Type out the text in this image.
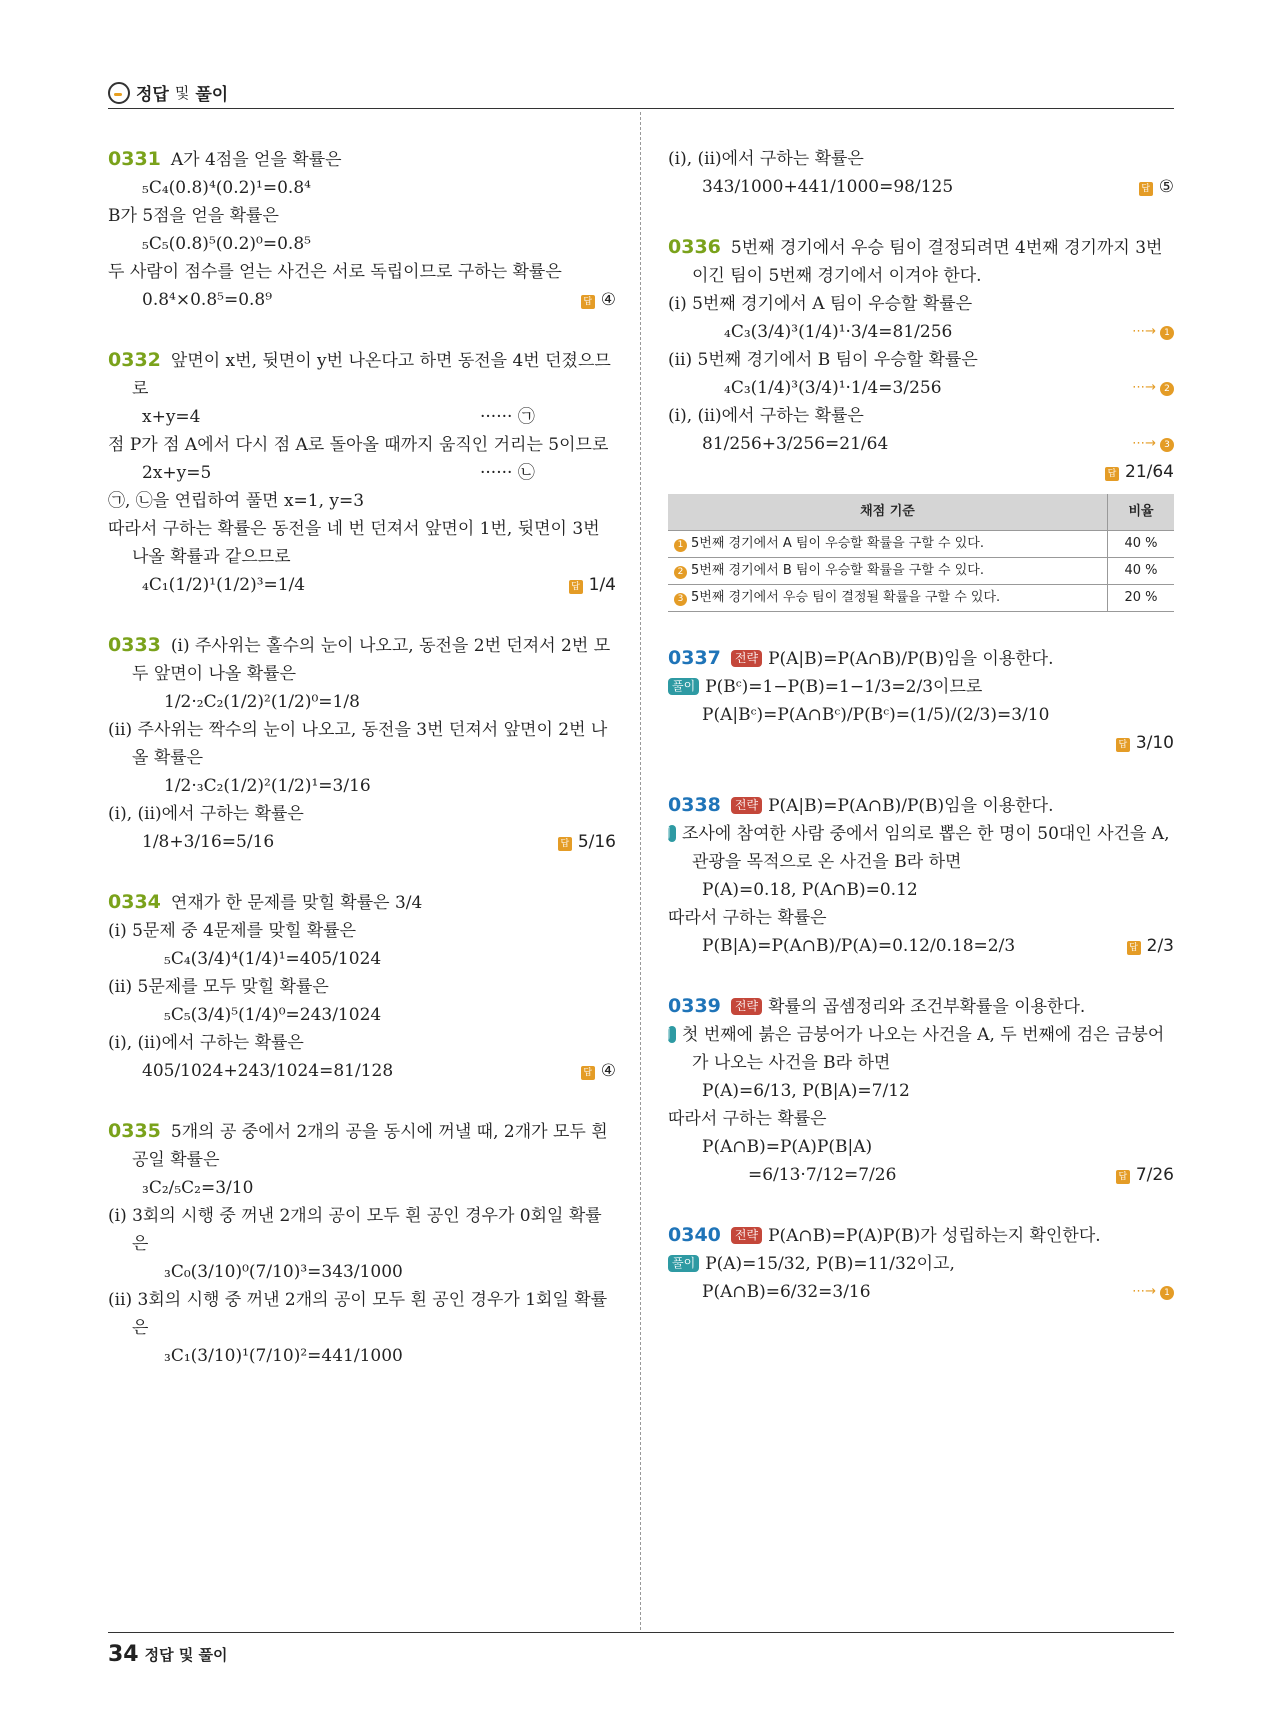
정답 및 풀이
0331 A가 4점을 얻을 확률은
₅C₄(0.8)⁴(0.2)¹=0.8⁴
B가 5점을 얻을 확률은
₅C₅(0.8)⁵(0.2)⁰=0.8⁵
두 사람이 점수를 얻는 사건은 서로 독립이므로 구하는 확률은
0.8⁴×0.8⁵=0.8⁹	답 ④
0332 앞면이 x번, 뒷면이 y번 나온다고 하면 동전을 4번 던졌으므로
x+y=4	······ ㉠
점 P가 점 A에서 다시 점 A로 돌아올 때까지 움직인 거리는 5이므로
2x+y=5	······ ㉡
㉠, ㉡을 연립하여 풀면 x=1, y=3
따라서 구하는 확률은 동전을 네 번 던져서 앞면이 1번, 뒷면이 3번 나올 확률과 같으므로
₄C₁(1/2)¹(1/2)³=1/4	답 1/4
0333 (ⅰ) 주사위는 홀수의 눈이 나오고, 동전을 2번 던져서 2번 모두 앞면이 나올 확률은
1/2·₂C₂(1/2)²(1/2)⁰=1/8
(ⅱ) 주사위는 짝수의 눈이 나오고, 동전을 3번 던져서 앞면이 2번 나올 확률은
1/2·₃C₂(1/2)²(1/2)¹=3/16
(ⅰ), (ⅱ)에서 구하는 확률은
1/8+3/16=5/16	답 5/16
0334 연재가 한 문제를 맞힐 확률은 3/4
(ⅰ) 5문제 중 4문제를 맞힐 확률은
₅C₄(3/4)⁴(1/4)¹=405/1024
(ⅱ) 5문제를 모두 맞힐 확률은
₅C₅(3/4)⁵(1/4)⁰=243/1024
(ⅰ), (ⅱ)에서 구하는 확률은
405/1024+243/1024=81/128	답 ④
0335 5개의 공 중에서 2개의 공을 동시에 꺼낼 때, 2개가 모두 흰 공일 확률은
₃C₂/₅C₂=3/10
(ⅰ) 3회의 시행 중 꺼낸 2개의 공이 모두 흰 공인 경우가 0회일 확률은
₃C₀(3/10)⁰(7/10)³=343/1000
(ⅱ) 3회의 시행 중 꺼낸 2개의 공이 모두 흰 공인 경우가 1회일 확률은
₃C₁(3/10)¹(7/10)²=441/1000
(ⅰ), (ⅱ)에서 구하는 확률은
343/1000+441/1000=98/125	답 ⑤
0336 5번째 경기에서 우승 팀이 결정되려면 4번째 경기까지 3번 이긴 팀이 5번째 경기에서 이겨야 한다.
(ⅰ) 5번째 경기에서 A 팀이 우승할 확률은
₄C₃(3/4)³(1/4)¹·3/4=81/256	⋯→ 1
(ⅱ) 5번째 경기에서 B 팀이 우승할 확률은
₄C₃(1/4)³(3/4)¹·1/4=3/256	⋯→ 2
(ⅰ), (ⅱ)에서 구하는 확률은
81/256+3/256=21/64	⋯→ 3
답 21/64
채점 기준	비율
1 5번째 경기에서 A 팀이 우승할 확률을 구할 수 있다.	40 %
2 5번째 경기에서 B 팀이 우승할 확률을 구할 수 있다.	40 %
3 5번째 경기에서 우승 팀이 결정될 확률을 구할 수 있다.	20 %
0337 전략 P(A|B)=P(A∩B)/P(B)임을 이용한다.
풀이 P(Bᶜ)=1−P(B)=1−1/3=2/3이므로
P(A|Bᶜ)=P(A∩Bᶜ)/P(Bᶜ)=(1/5)/(2/3)=3/10
답 3/10
0338 전략 P(A|B)=P(A∩B)/P(B)임을 이용한다.
풀이 조사에 참여한 사람 중에서 임의로 뽑은 한 명이 50대인 사건을 A, 관광을 목적으로 온 사건을 B라 하면
P(A)=0.18, P(A∩B)=0.12
따라서 구하는 확률은
P(B|A)=P(A∩B)/P(A)=0.12/0.18=2/3	답 2/3
0339 전략 확률의 곱셈정리와 조건부확률을 이용한다.
풀이 첫 번째에 붉은 금붕어가 나오는 사건을 A, 두 번째에 검은 금붕어가 나오는 사건을 B라 하면
P(A)=6/13, P(B|A)=7/12
따라서 구하는 확률은
P(A∩B)=P(A)P(B|A)
=6/13·7/12=7/26	답 7/26
0340 전략 P(A∩B)=P(A)P(B)가 성립하는지 확인한다.
풀이 P(A)=15/32, P(B)=11/32이고,
P(A∩B)=6/32=3/16	⋯→ 1
34 정답 및 풀이
